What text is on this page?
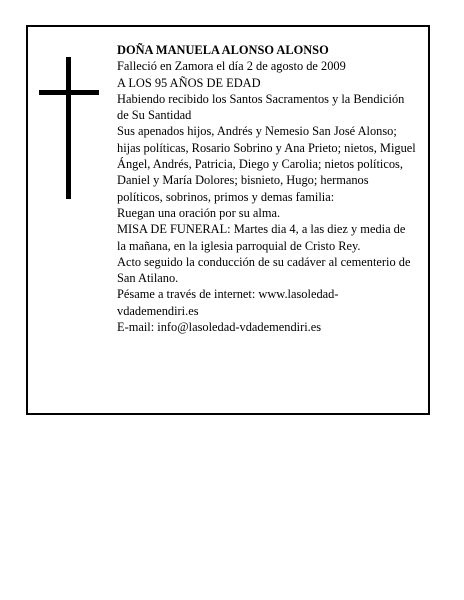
DOÑA MANUELA ALONSO ALONSO

Falleció en Zamora el día 2 de agosto de 2009

A LOS 95 AÑOS DE EDAD

Habiendo recibido los Santos Sacramentos y la Bendición de Su Santidad

Sus apenados hijos, Andrés y Nemesio San José Alonso; hijas políticas, Rosario Sobrino y Ana Prieto; nietos, Miguel Ángel, Andrés, Patricia, Diego y Carolia; nietos políticos, Daniel y María Dolores; bisnieto, Hugo; hermanos políticos, sobrinos, primos y demas familia:

Ruegan una oración por su alma.

MISA DE FUNERAL: Martes dia 4, a las diez y media de la mañana, en la iglesia parroquial de Cristo Rey.

Acto seguido la conducción de su cadáver al cementerio de San Atilano.

Pésame a través de internet: www.lasoledad-vdademendiri.es

E-mail: info@lasoledad-vdademendiri.es
